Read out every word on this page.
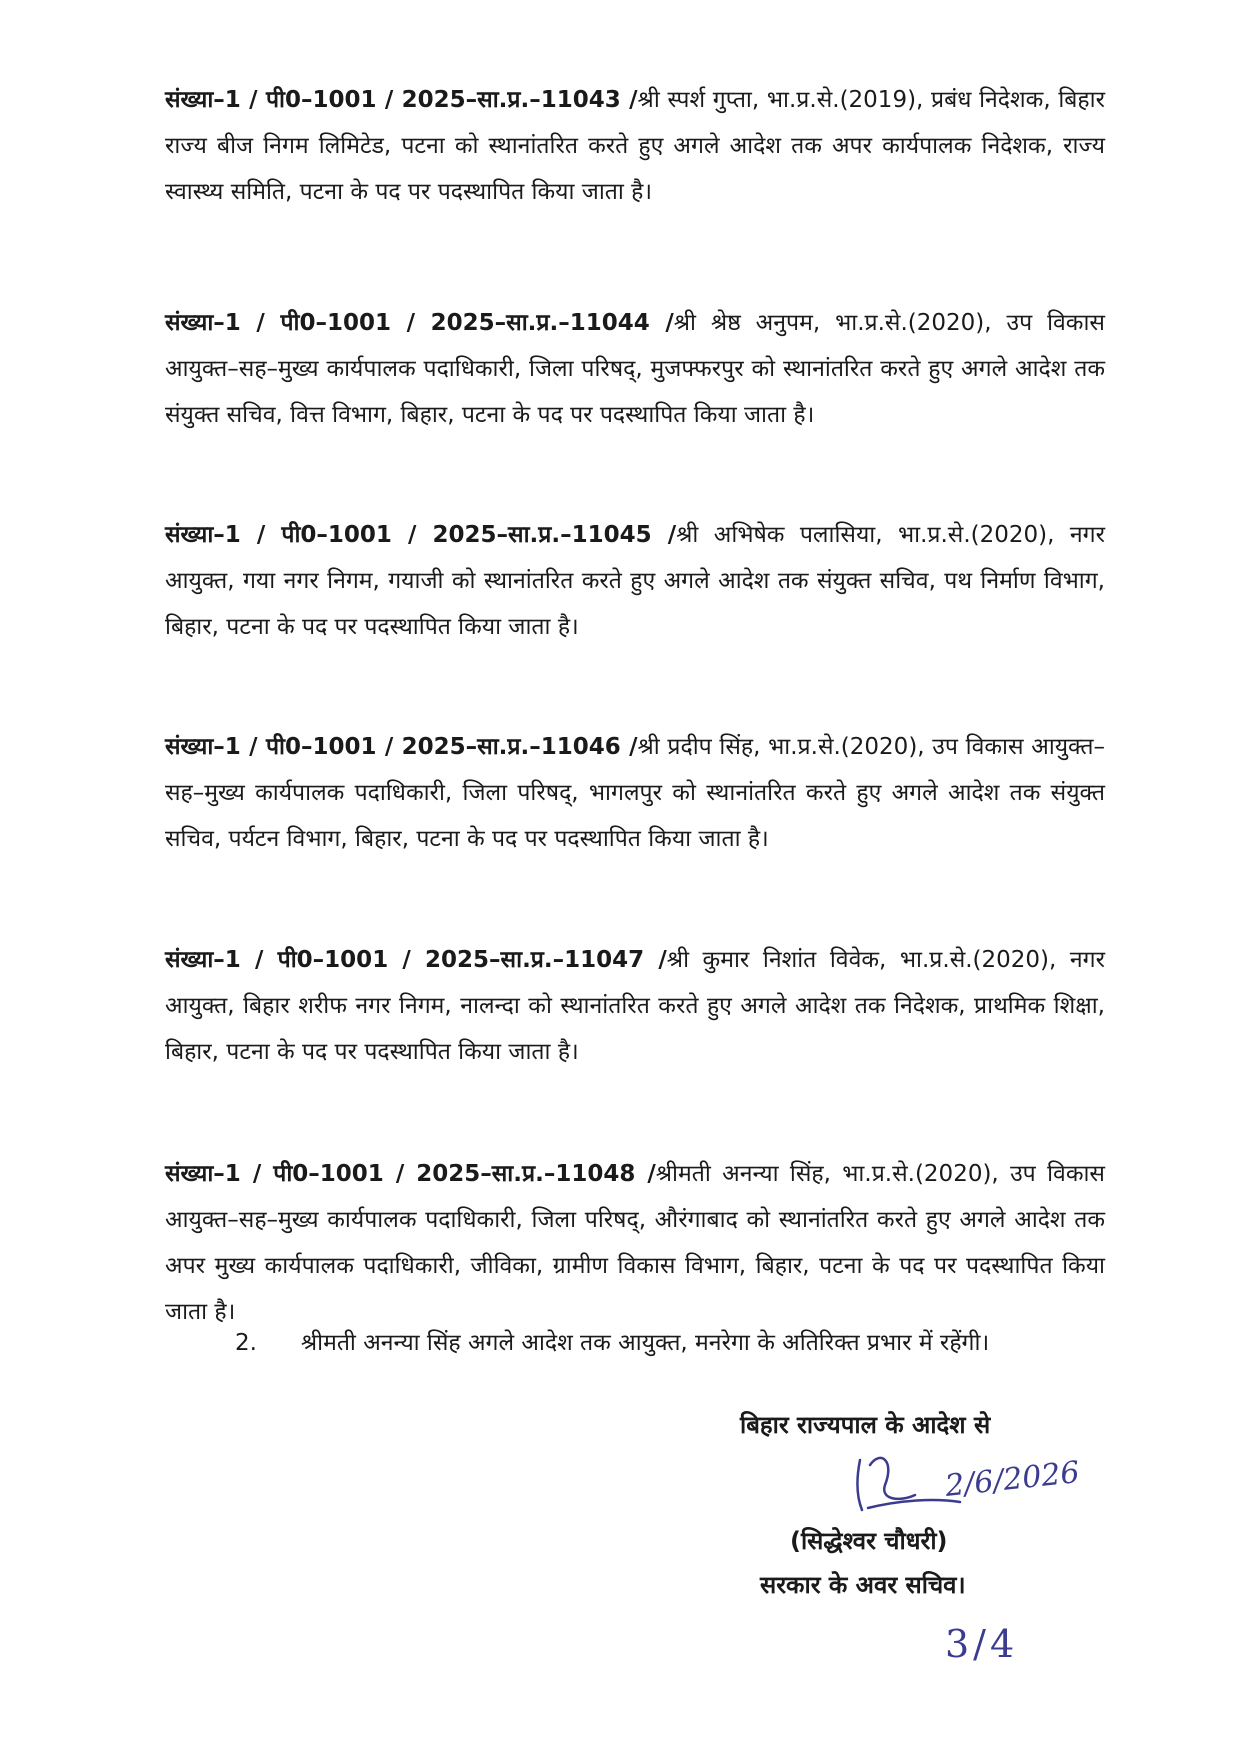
संख्या–1 / पी0–1001 / 2025–सा.प्र.–11043 /श्री स्पर्श गुप्ता, भा.प्र.से.(2019), प्रबंध निदेशक, बिहार राज्य बीज निगम लिमिटेड, पटना को स्थानांतरित करते हुए अगले आदेश तक अपर कार्यपालक निदेशक, राज्य स्वास्थ्य समिति, पटना के पद पर पदस्थापित किया जाता है।

संख्या–1 / पी0–1001 / 2025–सा.प्र.–11044 /श्री श्रेष्ठ अनुपम, भा.प्र.से.(2020), उप विकास आयुक्त–सह–मुख्य कार्यपालक पदाधिकारी, जिला परिषद्, मुजफ्फरपुर को स्थानांतरित करते हुए अगले आदेश तक संयुक्त सचिव, वित्त विभाग, बिहार, पटना के पद पर पदस्थापित किया जाता है।

संख्या–1 / पी0–1001 / 2025–सा.प्र.–11045 /श्री अभिषेक पलासिया, भा.प्र.से.(2020), नगर आयुक्त, गया नगर निगम, गयाजी को स्थानांतरित करते हुए अगले आदेश तक संयुक्त सचिव, पथ निर्माण विभाग, बिहार, पटना के पद पर पदस्थापित किया जाता है।

संख्या–1 / पी0–1001 / 2025–सा.प्र.–11046 /श्री प्रदीप सिंह, भा.प्र.से.(2020), उप विकास आयुक्त–सह–मुख्य कार्यपालक पदाधिकारी, जिला परिषद्, भागलपुर को स्थानांतरित करते हुए अगले आदेश तक संयुक्त सचिव, पर्यटन विभाग, बिहार, पटना के पद पर पदस्थापित किया जाता है।

संख्या–1 / पी0–1001 / 2025–सा.प्र.–11047 /श्री कुमार निशांत विवेक, भा.प्र.से.(2020), नगर आयुक्त, बिहार शरीफ नगर निगम, नालन्दा को स्थानांतरित करते हुए अगले आदेश तक निदेशक, प्राथमिक शिक्षा, बिहार, पटना के पद पर पदस्थापित किया जाता है।

संख्या–1 / पी0–1001 / 2025–सा.प्र.–11048 /श्रीमती अनन्या सिंह, भा.प्र.से.(2020), उप विकास आयुक्त–सह–मुख्य कार्यपालक पदाधिकारी, जिला परिषद्, औरंगाबाद को स्थानांतरित करते हुए अगले आदेश तक अपर मुख्य कार्यपालक पदाधिकारी, जीविका, ग्रामीण विकास विभाग, बिहार, पटना के पद पर पदस्थापित किया जाता है।

2. श्रीमती अनन्या सिंह अगले आदेश तक आयुक्त, मनरेगा के अतिरिक्त प्रभार में रहेंगी।

बिहार राज्यपाल के आदेश से
2/6/2026
(सिद्धेश्वर चौधरी)
सरकार के अवर सचिव।
3/4
